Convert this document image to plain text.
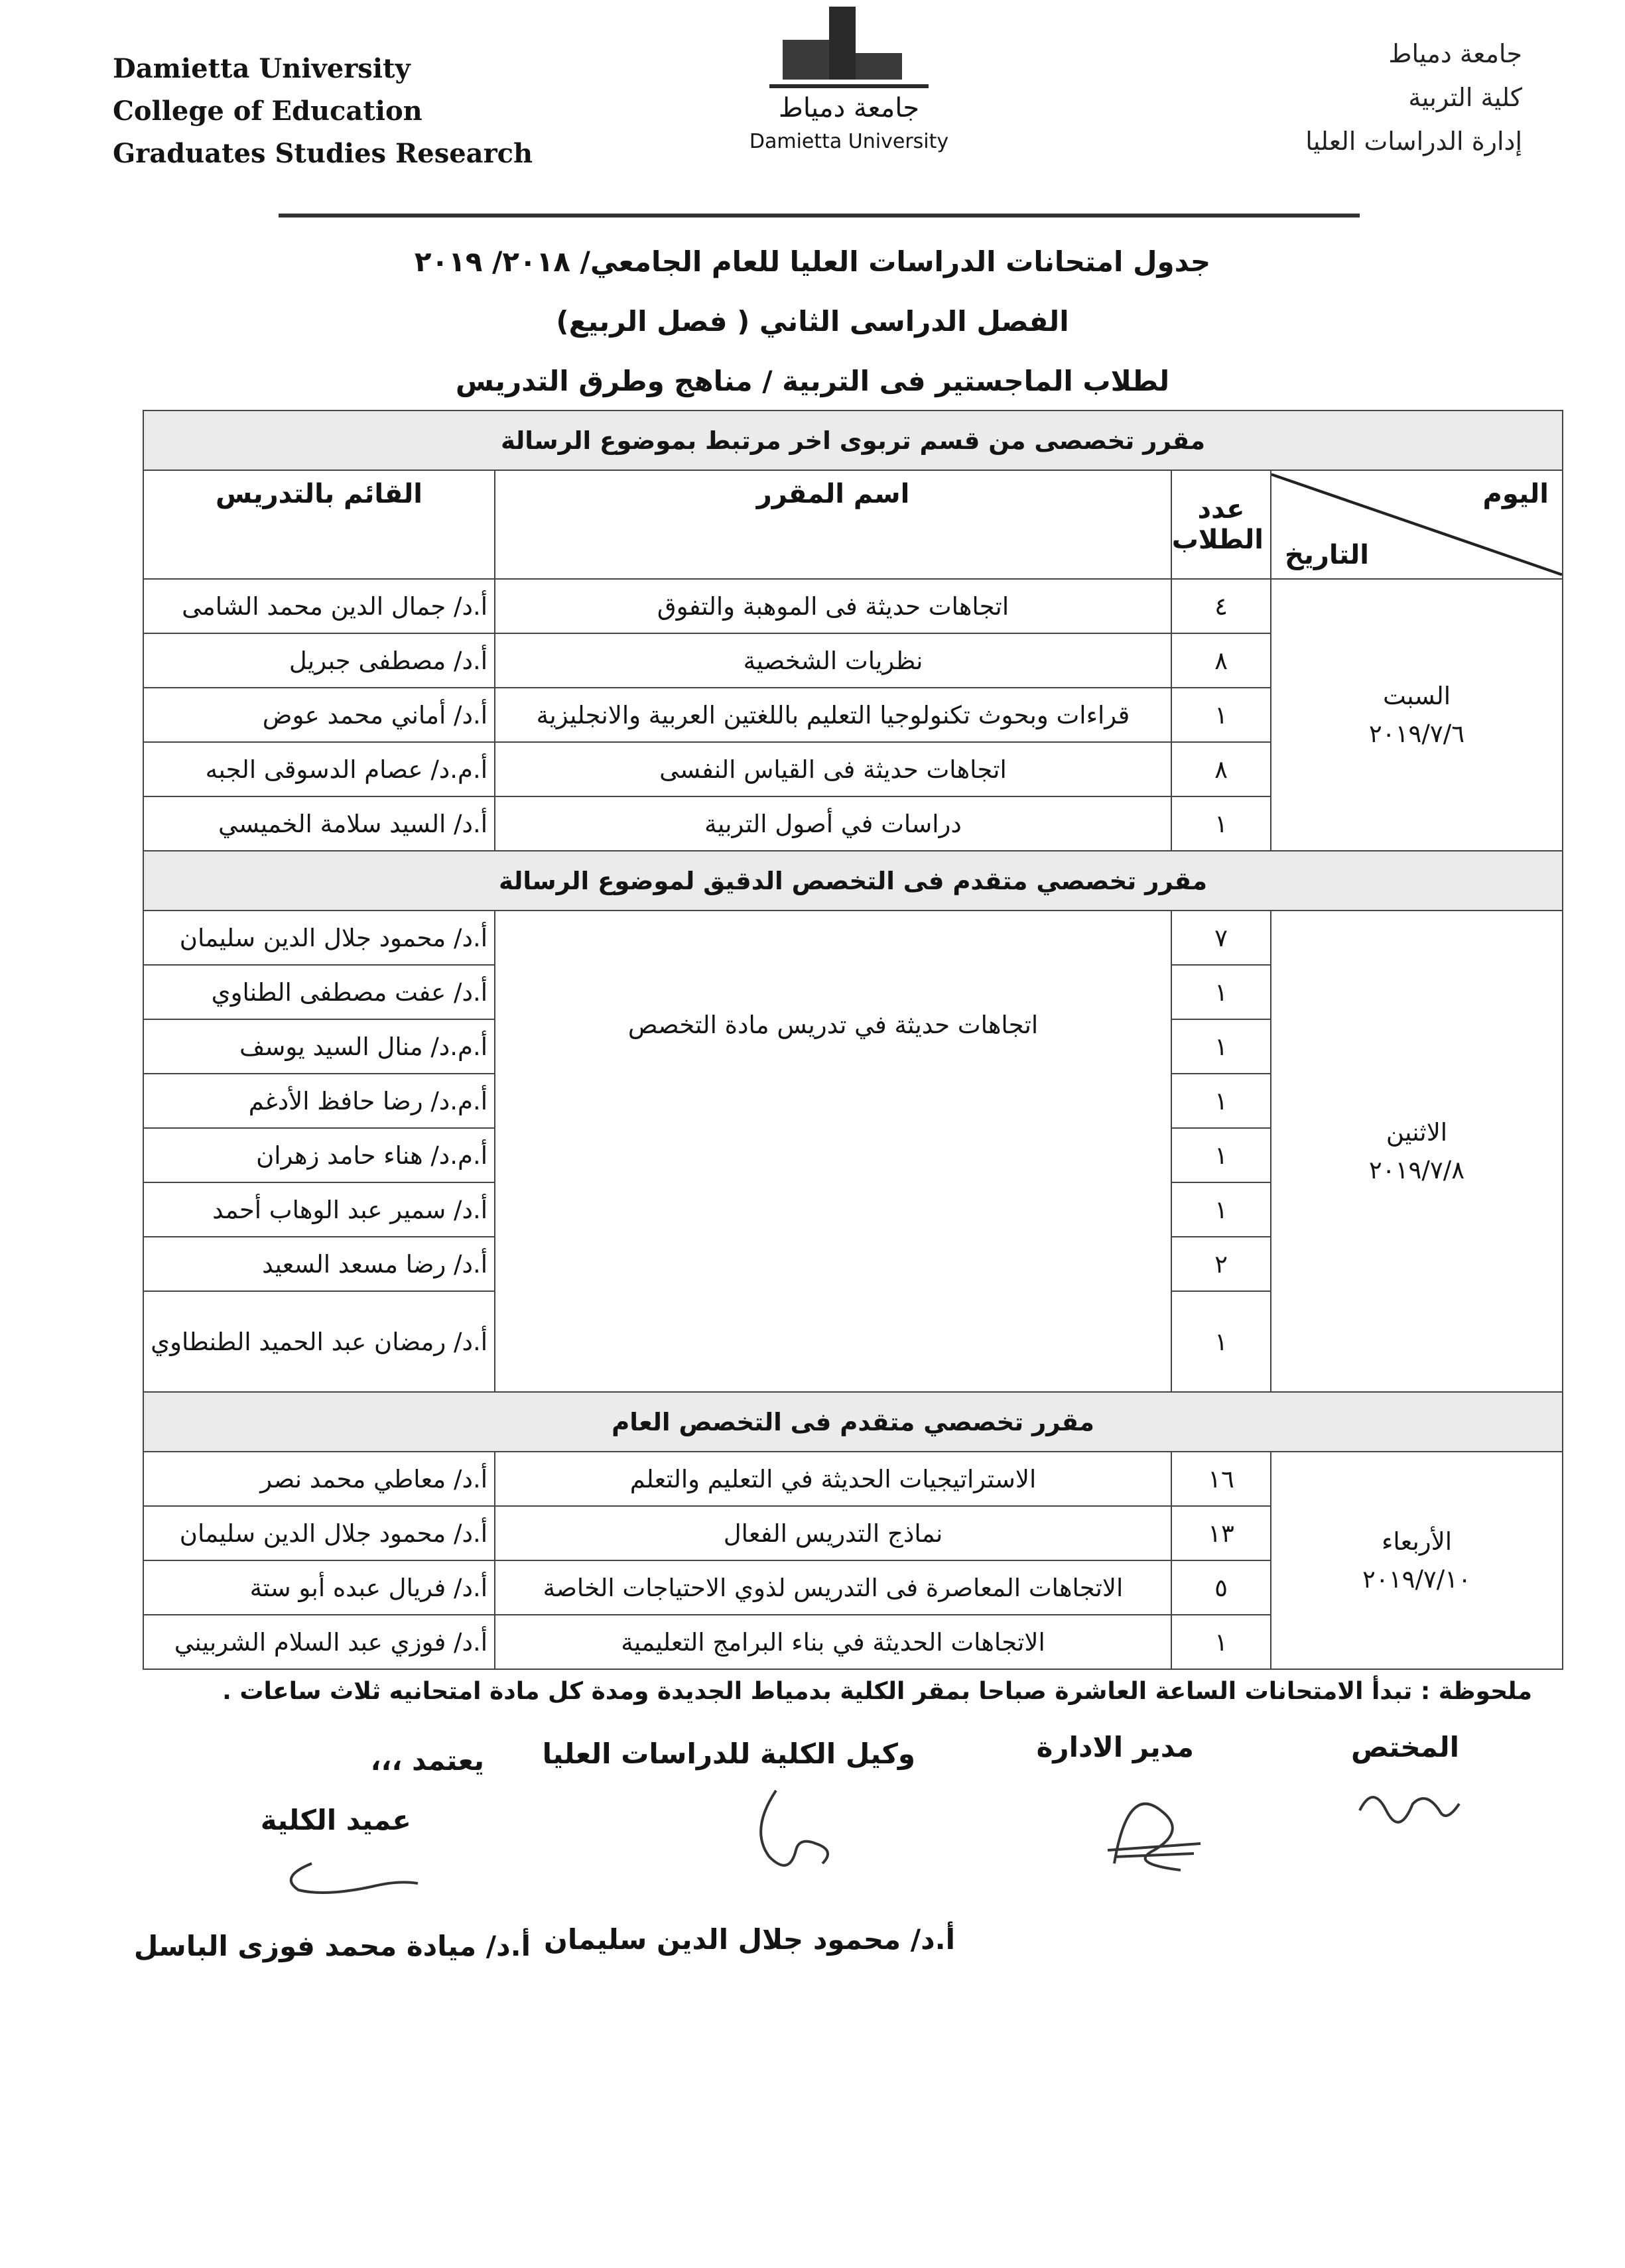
Damietta University
College of Education
Graduates Studies Research
جامعة دمياط
كلية التربية
إدارة الدراسات العليا
جامعة دمياط
Damietta University
جدول امتحانات الدراسات العليا للعام الجامعي/ ٢٠١٨/ ٢٠١٩
الفصل الدراسى الثاني ( فصل الربيع)
لطلاب الماجستير فى التربية / مناهج وطرق التدريس
مقرر تخصصى من قسم تربوى اخر مرتبط بموضوع الرسالة			

اليوم
التاريخ	عدد الطلاب	اسم المقرر	القائم بالتدريس

السبت
٢٠١٩/٧/٦	٤	اتجاهات حديثة فى الموهبة والتفوق	أ.د/ جمال الدين محمد الشامى
	٨	نظريات الشخصية	أ.د/ مصطفى جبريل
	١	قراءات وبحوث تكنولوجيا التعليم باللغتين العربية والانجليزية	أ.د/ أماني محمد عوض
	٨	اتجاهات حديثة فى القياس النفسى	أ.م.د/ عصام الدسوقى الجبه
	١	دراسات في أصول التربية	أ.د/ السيد سلامة الخميسي
مقرر تخصصي متقدم فى التخصص الدقيق لموضوع الرسالة			

الاثنين
٢٠١٩/٧/٨	٧	اتجاهات حديثة في تدريس مادة التخصص	أ.د/ محمود جلال الدين سليمان
	١		أ.د/ عفت مصطفى الطناوي
	١		أ.م.د/ منال السيد يوسف
	١		أ.م.د/ رضا حافظ الأدغم
	١		أ.م.د/ هناء حامد زهران
	١		أ.د/ سمير عبد الوهاب أحمد
	٢		أ.د/ رضا مسعد السعيد
	١		أ.د/ رمضان عبد الحميد الطنطاوي
مقرر تخصصي متقدم فى التخصص العام			

الأربعاء
٢٠١٩/٧/١٠	١٦	الاستراتيجيات الحديثة في التعليم والتعلم	أ.د/ معاطي محمد نصر
	١٣	نماذج التدريس الفعال	أ.د/ محمود جلال الدين سليمان
	٥	الاتجاهات المعاصرة فى التدريس لذوي الاحتياجات الخاصة	أ.د/ فريال عبده أبو ستة
	١	الاتجاهات الحديثة في بناء البرامج التعليمية	أ.د/ فوزي عبد السلام الشربيني
ملحوظة : تبدأ الامتحانات الساعة العاشرة صباحا بمقر الكلية بدمياط الجديدة ومدة كل مادة امتحانيه ثلاث ساعات .
المختص
مدير الادارة
وكيل الكلية للدراسات العليا
يعتمد ،،،
عميد الكلية
أ.د/ محمود جلال الدين سليمان
أ.د/ ميادة محمد فوزى الباسل
